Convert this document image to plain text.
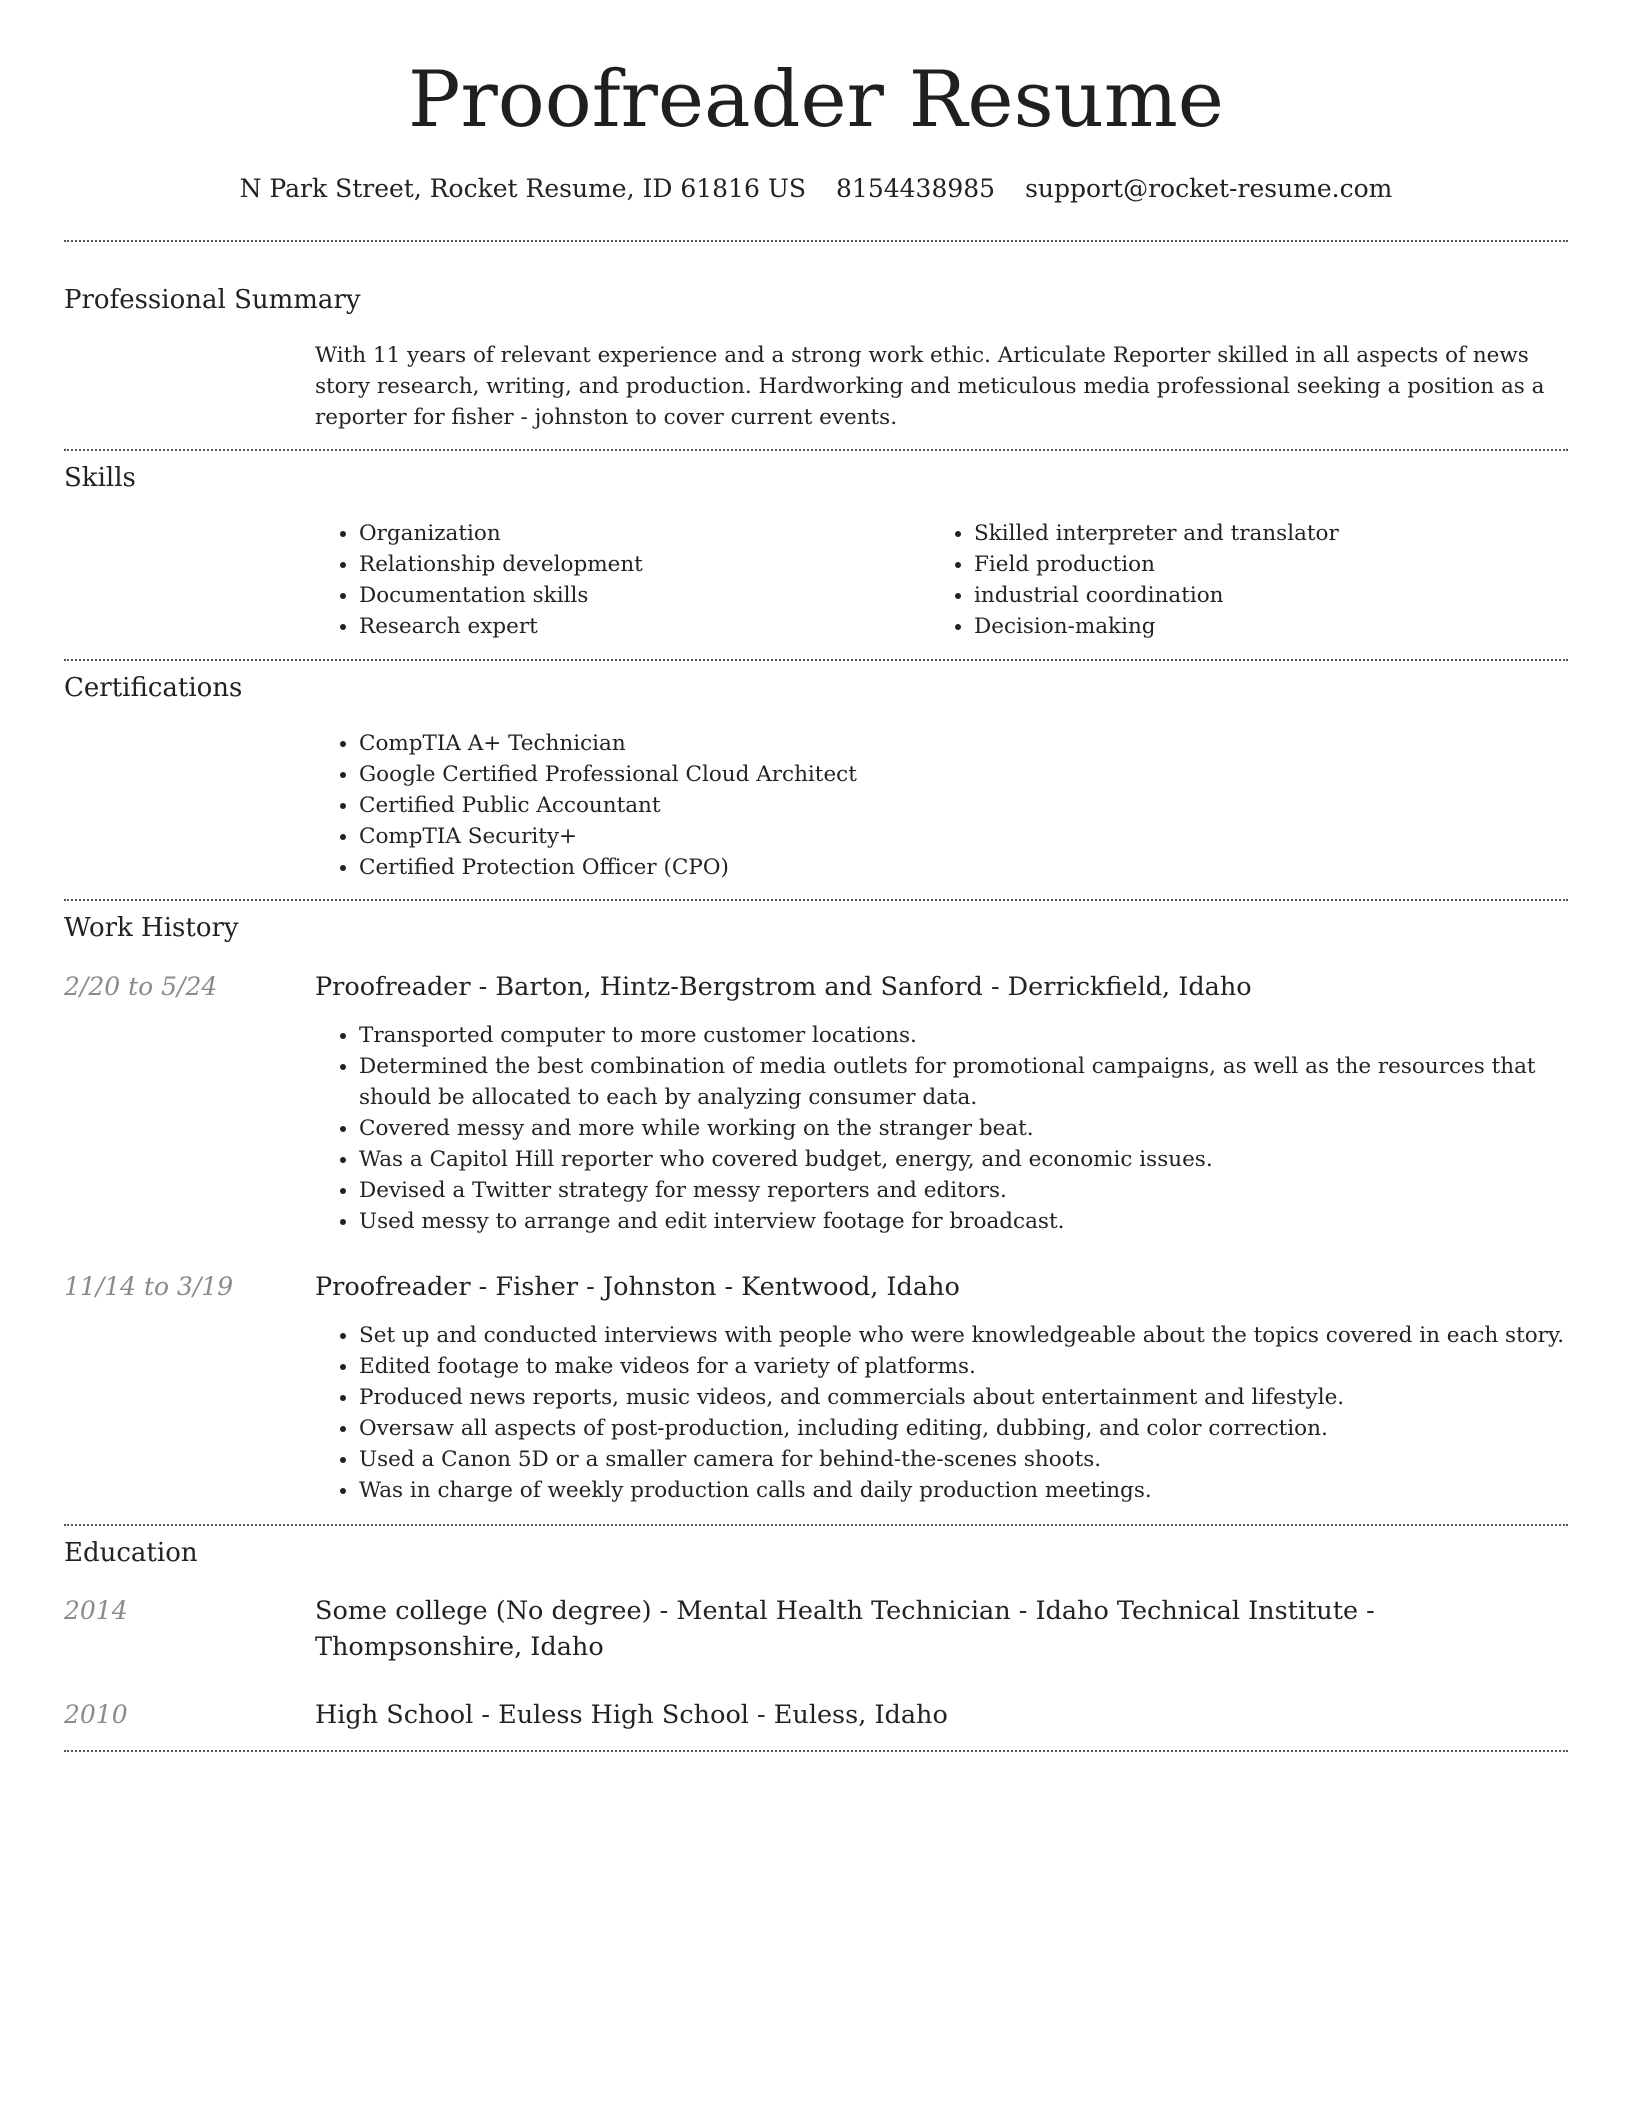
Proofreader Resume
N Park Street, Rocket Resume, ID 61816 US 8154438985 support@rocket-resume.com
Professional Summary
With 11 years of relevant experience and a strong work ethic. Articulate Reporter skilled in all aspects of news story research, writing, and production. Hardworking and meticulous media professional seeking a position as a reporter for fisher - johnston to cover current events.
Skills
• Organization
• Relationship development
• Documentation skills
• Research expert
• Skilled interpreter and translator
• Field production
• industrial coordination
• Decision-making
Certifications
• CompTIA A+ Technician
• Google Certified Professional Cloud Architect
• Certified Public Accountant
• CompTIA Security+
• Certified Protection Officer (CPO)
Work History
2/20 to 5/24	Proofreader - Barton, Hintz-Bergstrom and Sanford - Derrickfield, Idaho
• Transported computer to more customer locations.
• Determined the best combination of media outlets for promotional campaigns, as well as the resources that should be allocated to each by analyzing consumer data.
• Covered messy and more while working on the stranger beat.
• Was a Capitol Hill reporter who covered budget, energy, and economic issues.
• Devised a Twitter strategy for messy reporters and editors.
• Used messy to arrange and edit interview footage for broadcast.
11/14 to 3/19	Proofreader - Fisher - Johnston - Kentwood, Idaho
• Set up and conducted interviews with people who were knowledgeable about the topics covered in each story.
• Edited footage to make videos for a variety of platforms.
• Produced news reports, music videos, and commercials about entertainment and lifestyle.
• Oversaw all aspects of post-production, including editing, dubbing, and color correction.
• Used a Canon 5D or a smaller camera for behind-the-scenes shoots.
• Was in charge of weekly production calls and daily production meetings.
Education
2014	Some college (No degree) - Mental Health Technician - Idaho Technical Institute - Thompsonshire, Idaho
2010	High School - Euless High School - Euless, Idaho
